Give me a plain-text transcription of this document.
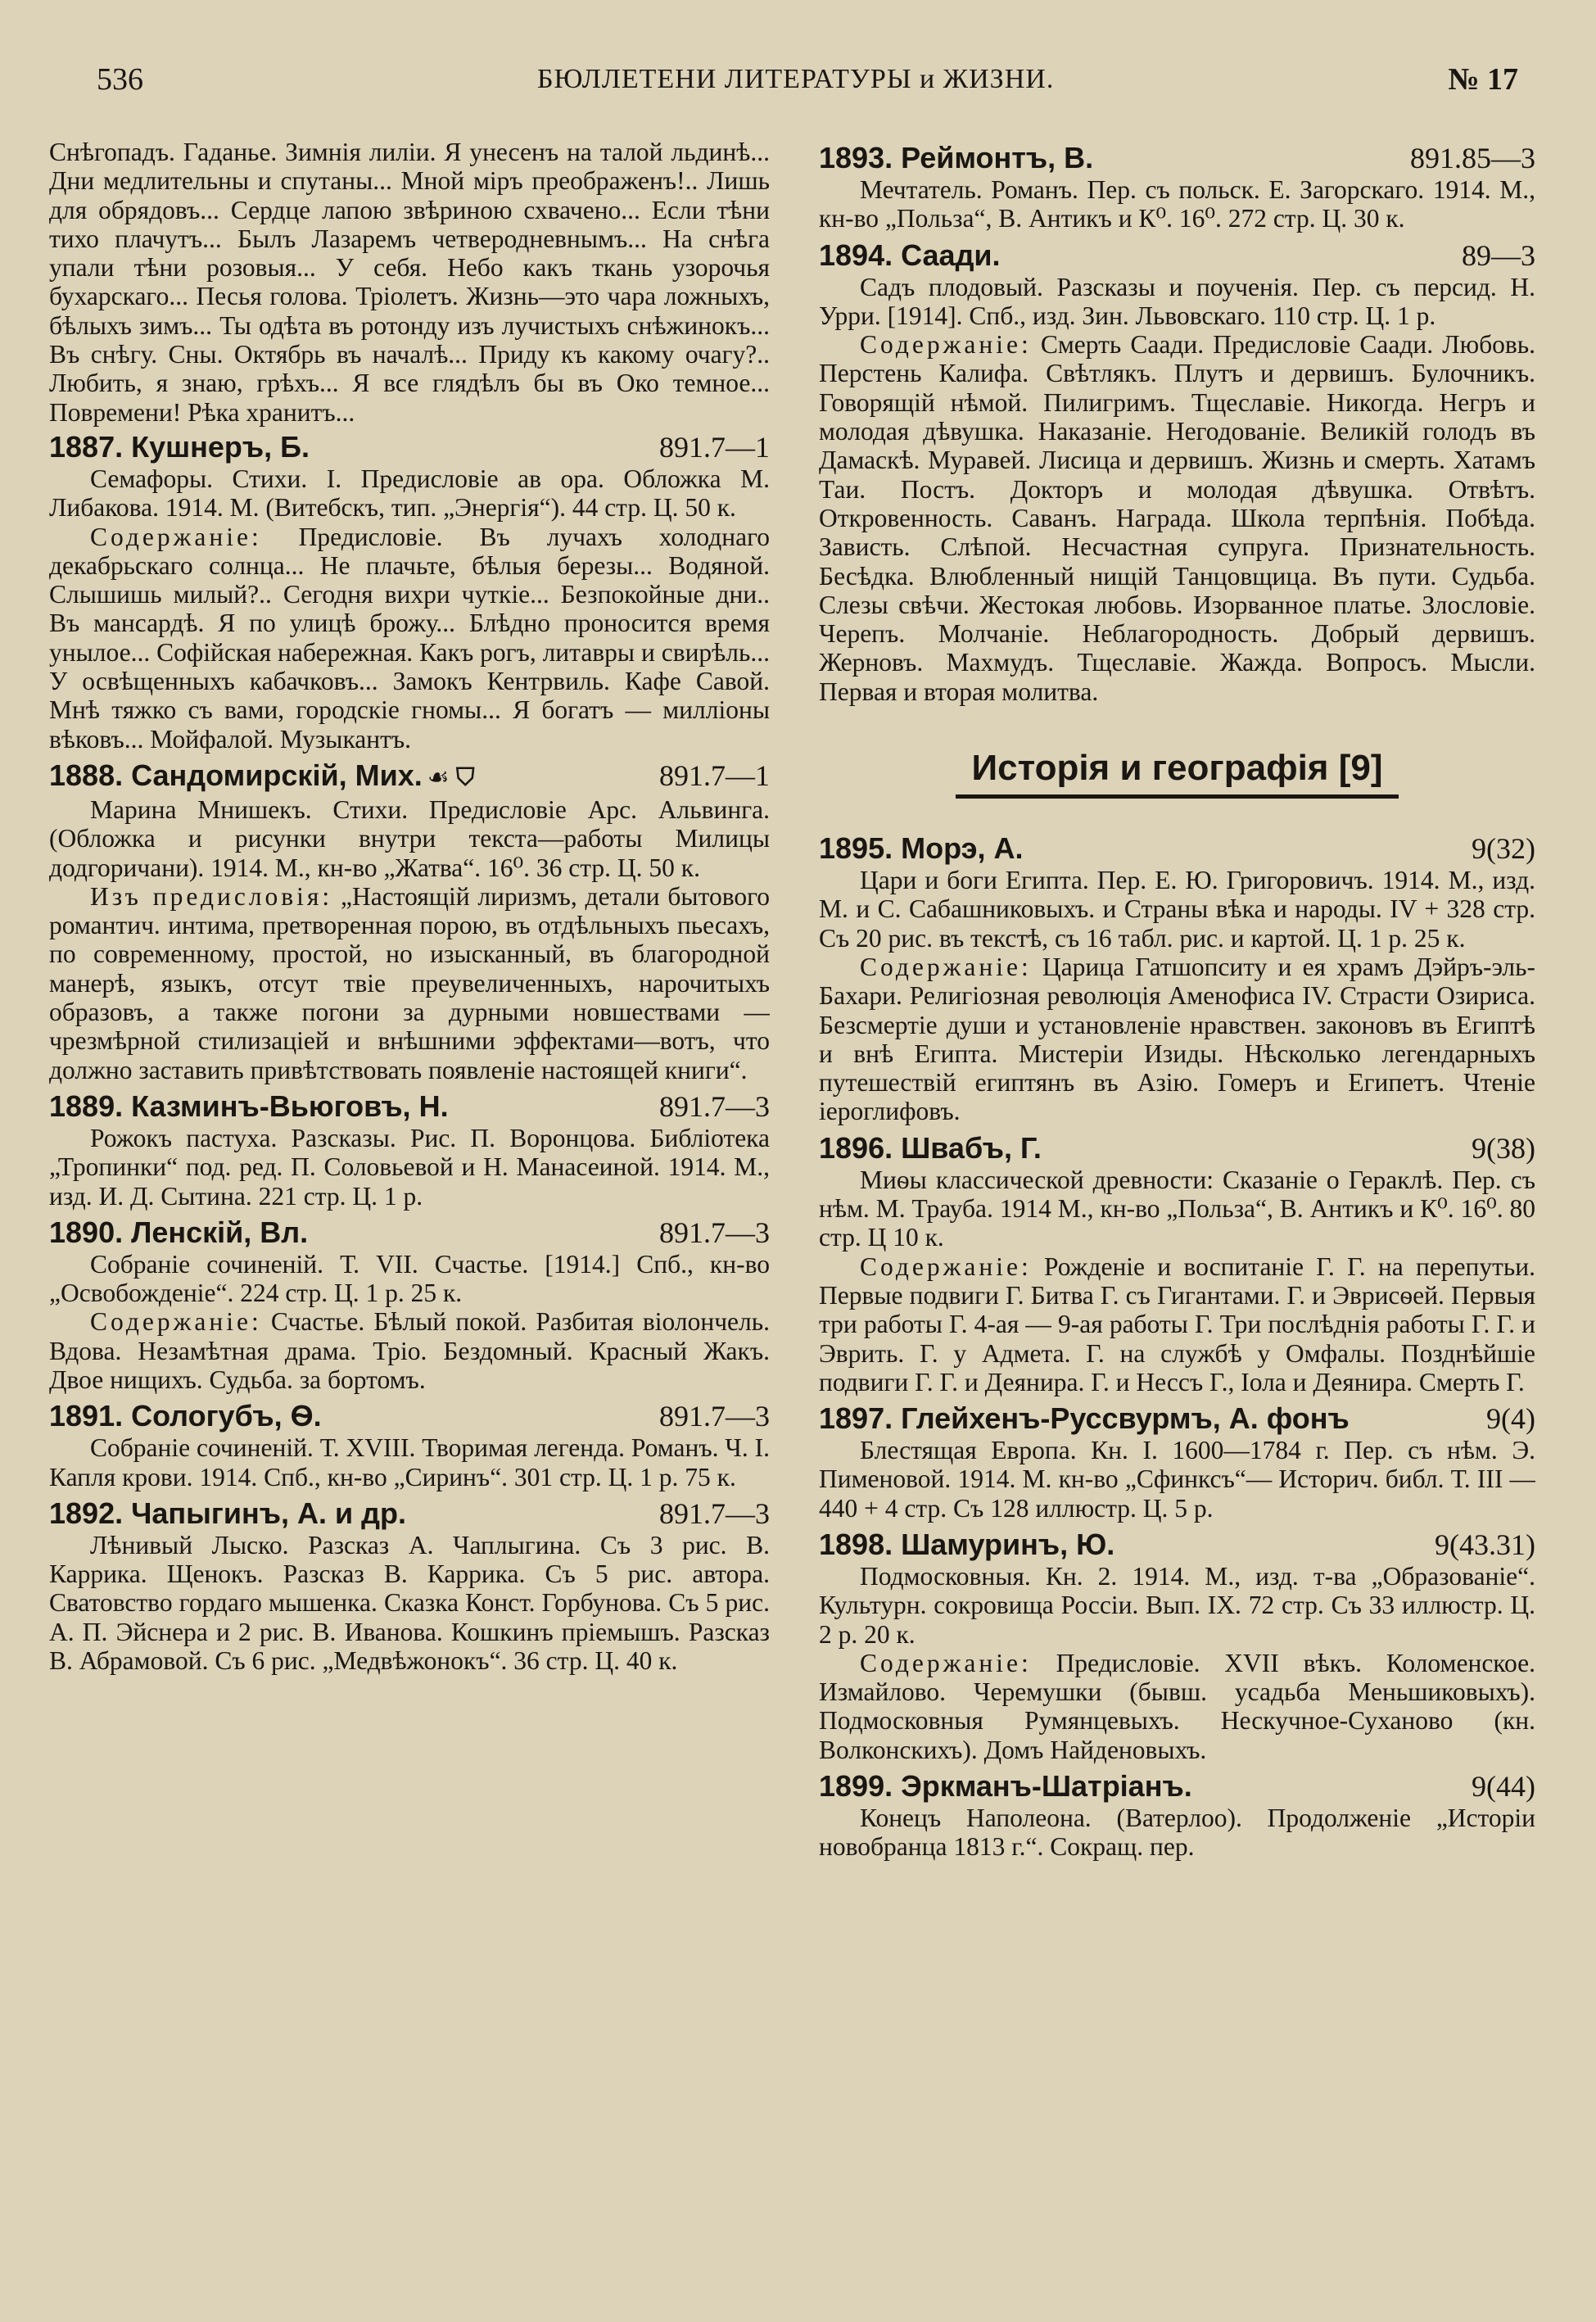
536	БЮЛЛЕТЕНИ ЛИТЕРАТУРЫ и ЖИЗНИ.	№ 17

Снѣгопадъ. Гаданье. Зимнія лиліи. Я унесенъ на талой льдинѣ... Дни медлительны и спутаны... Мной міръ преображенъ!.. Лишь для обрядовъ... Сердце лапою звѣриною схвачено... Если тѣни тихо плачутъ... Былъ Лазаремъ четверодневнымъ... На снѣга упали тѣни розовыя... У себя. Небо какъ ткань узорочья бухарскаго... Песья голова. Тріолетъ. Жизнь—это чара ложныхъ, бѣлыхъ зимъ... Ты одѣта въ ротонду изъ лучистыхъ снѣжинокъ... Въ снѣгу. Сны. Октябрь въ началѣ... Приду къ какому очагу?.. Любить, я знаю, грѣхъ... Я все глядѣлъ бы въ Око темное... Повремени! Рѣка хранитъ...

1887. Кушнеръ, Б.	891.7—1

Семафоры. Стихи. I. Предисловіе ав ора. Обложка М. Либакова. 1914. М. (Витебскъ, тип. „Энергія“). 44 стр. Ц. 50 к.

Содержаніе: Предисловіе. Въ лучахъ холоднаго декабрьскаго солнца... Не плачьте, бѣлыя березы... Водяной. Слышишь милый?.. Сегодня вихри чуткіе... Безпокойные дни.. Въ мансардѣ. Я по улицѣ брожу... Блѣдно проносится время унылое... Софійская набережная. Какъ рогъ, литавры и свирѣль... У освѣщенныхъ кабачковъ... Замокъ Кентрвиль. Кафе Савой. Мнѣ тяжко съ вами, городскіе гномы... Я богатъ — милліоны вѣковъ... Мойфалой. Музыкантъ.

1888. Сандомирскій, Мих. ☙ ⛉	891.7—1

Марина Мнишекъ. Стихи. Предисловіе Арс. Альвинга. (Обложка и рисунки внутри текста—работы Милицы додгоричани). 1914. М., кн-во „Жатва“. 16⁰. 36 стр. Ц. 50 к.

Изъ предисловія: „Настоящій лиризмъ, детали бытового романтич. интима, претворенная порою, въ отдѣльныхъ пьесахъ, по современному, простой, но изысканный, въ благородной манерѣ, языкъ, отсут твіе преувеличенныхъ, нарочитыхъ образовъ, а также погони за дурными новшествами — чрезмѣрной стилизацiей и внѣшними эффектами—вотъ, что должно заставить привѣтствовать появленіе настоящей книги“.

1889. Казминъ-Вьюговъ, Н.	891.7—3

Рожокъ пастуха. Разсказы. Рис. П. Воронцова. Библіотека „Тропинки“ под. ред. П. Соловьевой и Н. Манасеиной. 1914. М., изд. И. Д. Сытина. 221 стр. Ц. 1 р.

1890. Ленскій, Вл.	891.7—3

Собраніе сочиненій. Т. VII. Счастье. [1914.] Спб., кн-во „Освобожденіе“. 224 стр. Ц. 1 р. 25 к.

Содержаніе: Счастье. Бѣлый покой. Разбитая віолончель. Вдова. Незамѣтная драма. Тріо. Бездомный. Красный Жакъ. Двое нищихъ. Судьба. за бортомъ.

1891. Сологубъ, Ѳ.	891.7—3

Собраніе сочиненій. Т. XVIII. Творимая легенда. Романъ. Ч. I. Капля крови. 1914. Спб., кн-во „Сиринъ“. 301 стр. Ц. 1 р. 75 к.

1892. Чапыгинъ, А. и др.	891.7—3

Лѣнивый Лыско. Разсказ А. Чаплыгина. Съ 3 рис. В. Каррика. Щенокъ. Разсказ В. Каррика. Съ 5 рис. автора. Сватовство гордаго мышенка. Сказка Конст. Горбунова. Съ 5 рис. А. П. Эйснера и 2 рис. В. Иванова. Кошкинъ пріемышъ. Разсказ В. Абрамовой. Съ 6 рис. „Медвѣжонокъ“. 36 стр. Ц. 40 к.

1893. Реймонтъ, В.	891.85—3

Мечтатель. Романъ. Пер. съ польск. Е. Загорскаго. 1914. М., кн-во „Польза“, В. Антикъ и К⁰. 16⁰. 272 стр. Ц. 30 к.

1894. Саади.	89—3

Садъ плодовый. Разсказы и поученія. Пер. съ персид. Н. Урри. [1914]. Спб., изд. Зин. Львовскаго. 110 стр. Ц. 1 р.

Содержаніе: Смерть Саади. Предисловіе Саади. Любовь. Перстень Калифа. Свѣтлякъ. Плутъ и дервишъ. Булочникъ. Говорящій нѣмой. Пилигримъ. Тщеславіе. Никогда. Негръ и молодая дѣвушка. Наказаніе. Негодованіе. Великій голодъ въ Дамаскѣ. Муравей. Лисица и дервишъ. Жизнь и смерть. Хатамъ Таи. Постъ. Докторъ и молодая дѣвушка. Отвѣтъ. Откровенность. Саванъ. Награда. Школа терпѣнія. Побѣда. Зависть. Слѣпой. Несчастная супруга. Признательность. Бесѣдка. Влюбленный нищій Танцовщица. Въ пути. Судьба. Слезы свѣчи. Жестокая любовь. Изорванное платье. Злословіе. Черепъ. Молчаніе. Неблагородность. Добрый дервишъ. Жерновъ. Махмудъ. Тщеславіе. Жажда. Вопросъ. Мысли. Первая и вторая молитва.

Исторія и географія [9]
1895. Морэ, А.	9(32)

Цари и боги Египта. Пер. Е. Ю. Григоровичъ. 1914. М., изд. М. и С. Сабашниковыхъ. и Страны вѣка и народы. IV + 328 стр. Съ 20 рис. въ текстѣ, съ 16 табл. рис. и картой. Ц. 1 р. 25 к.

Содержаніе: Царица Гатшопситу и ея храмъ Дэйръ-эль-Бахари. Религіозная революція Аменофиса IV. Страсти Озириса. Безсмертіе души и установленіе нравствен. законовъ въ Египтѣ и внѣ Египта. Мистеріи Изиды. Нѣсколько легендарныхъ путешествій египтянъ въ Азію. Гомеръ и Египетъ. Чтеніе іероглифовъ.

1896. Швабъ, Г.	9(38)

Миѳы классической древности: Сказаніе о Гераклѣ. Пер. съ нѣм. М. Трауба. 1914 М., кн-во „Польза“, В. Антикъ и К⁰. 16⁰. 80 стр. Ц 10 к.

Содержаніе: Рожденіе и воспитаніе Г. Г. на перепутьи. Первые подвиги Г. Битва Г. съ Гигантами. Г. и Эврисѳей. Первыя три работы Г. 4-ая — 9-ая работы Г. Три послѣднія работы Г. Г. и Эврить. Г. у Адмета. Г. на службѣ у Омфалы. Позднѣйшіе подвиги Г. Г. и Деянира. Г. и Нессъ Г., Іола и Деянира. Смерть Г.

1897. Глейхенъ-Руссвурмъ, А. фонъ	9(4)

Блестящая Европа. Кн. I. 1600—1784 г. Пер. съ нѣм. Э. Пименовой. 1914. М. кн-во „Сфинксъ“— Историч. библ. Т. III — 440 + 4 стр. Съ 128 иллюстр. Ц. 5 р.

1898. Шамуринъ, Ю.	9(43.31)

Подмосковныя. Кн. 2. 1914. М., изд. т-ва „Образованіе“. Культурн. сокровища Россіи. Вып. IX. 72 стр. Съ 33 иллюстр. Ц. 2 р. 20 к.

Содержаніе: Предисловіе. XVII вѣкъ. Коломенское. Измайлово. Черемушки (бывш. усадьба Меньшиковыхъ). Подмосковныя Румянцевыхъ. Нескучное-Суханово (кн. Волконскихъ). Домъ Найденовыхъ.

1899. Эркманъ-Шатріанъ.	9(44)

Конецъ Наполеона. (Ватерлоо). Продолженіе „Исторіи новобранца 1813 г.“. Сокращ. пер.
